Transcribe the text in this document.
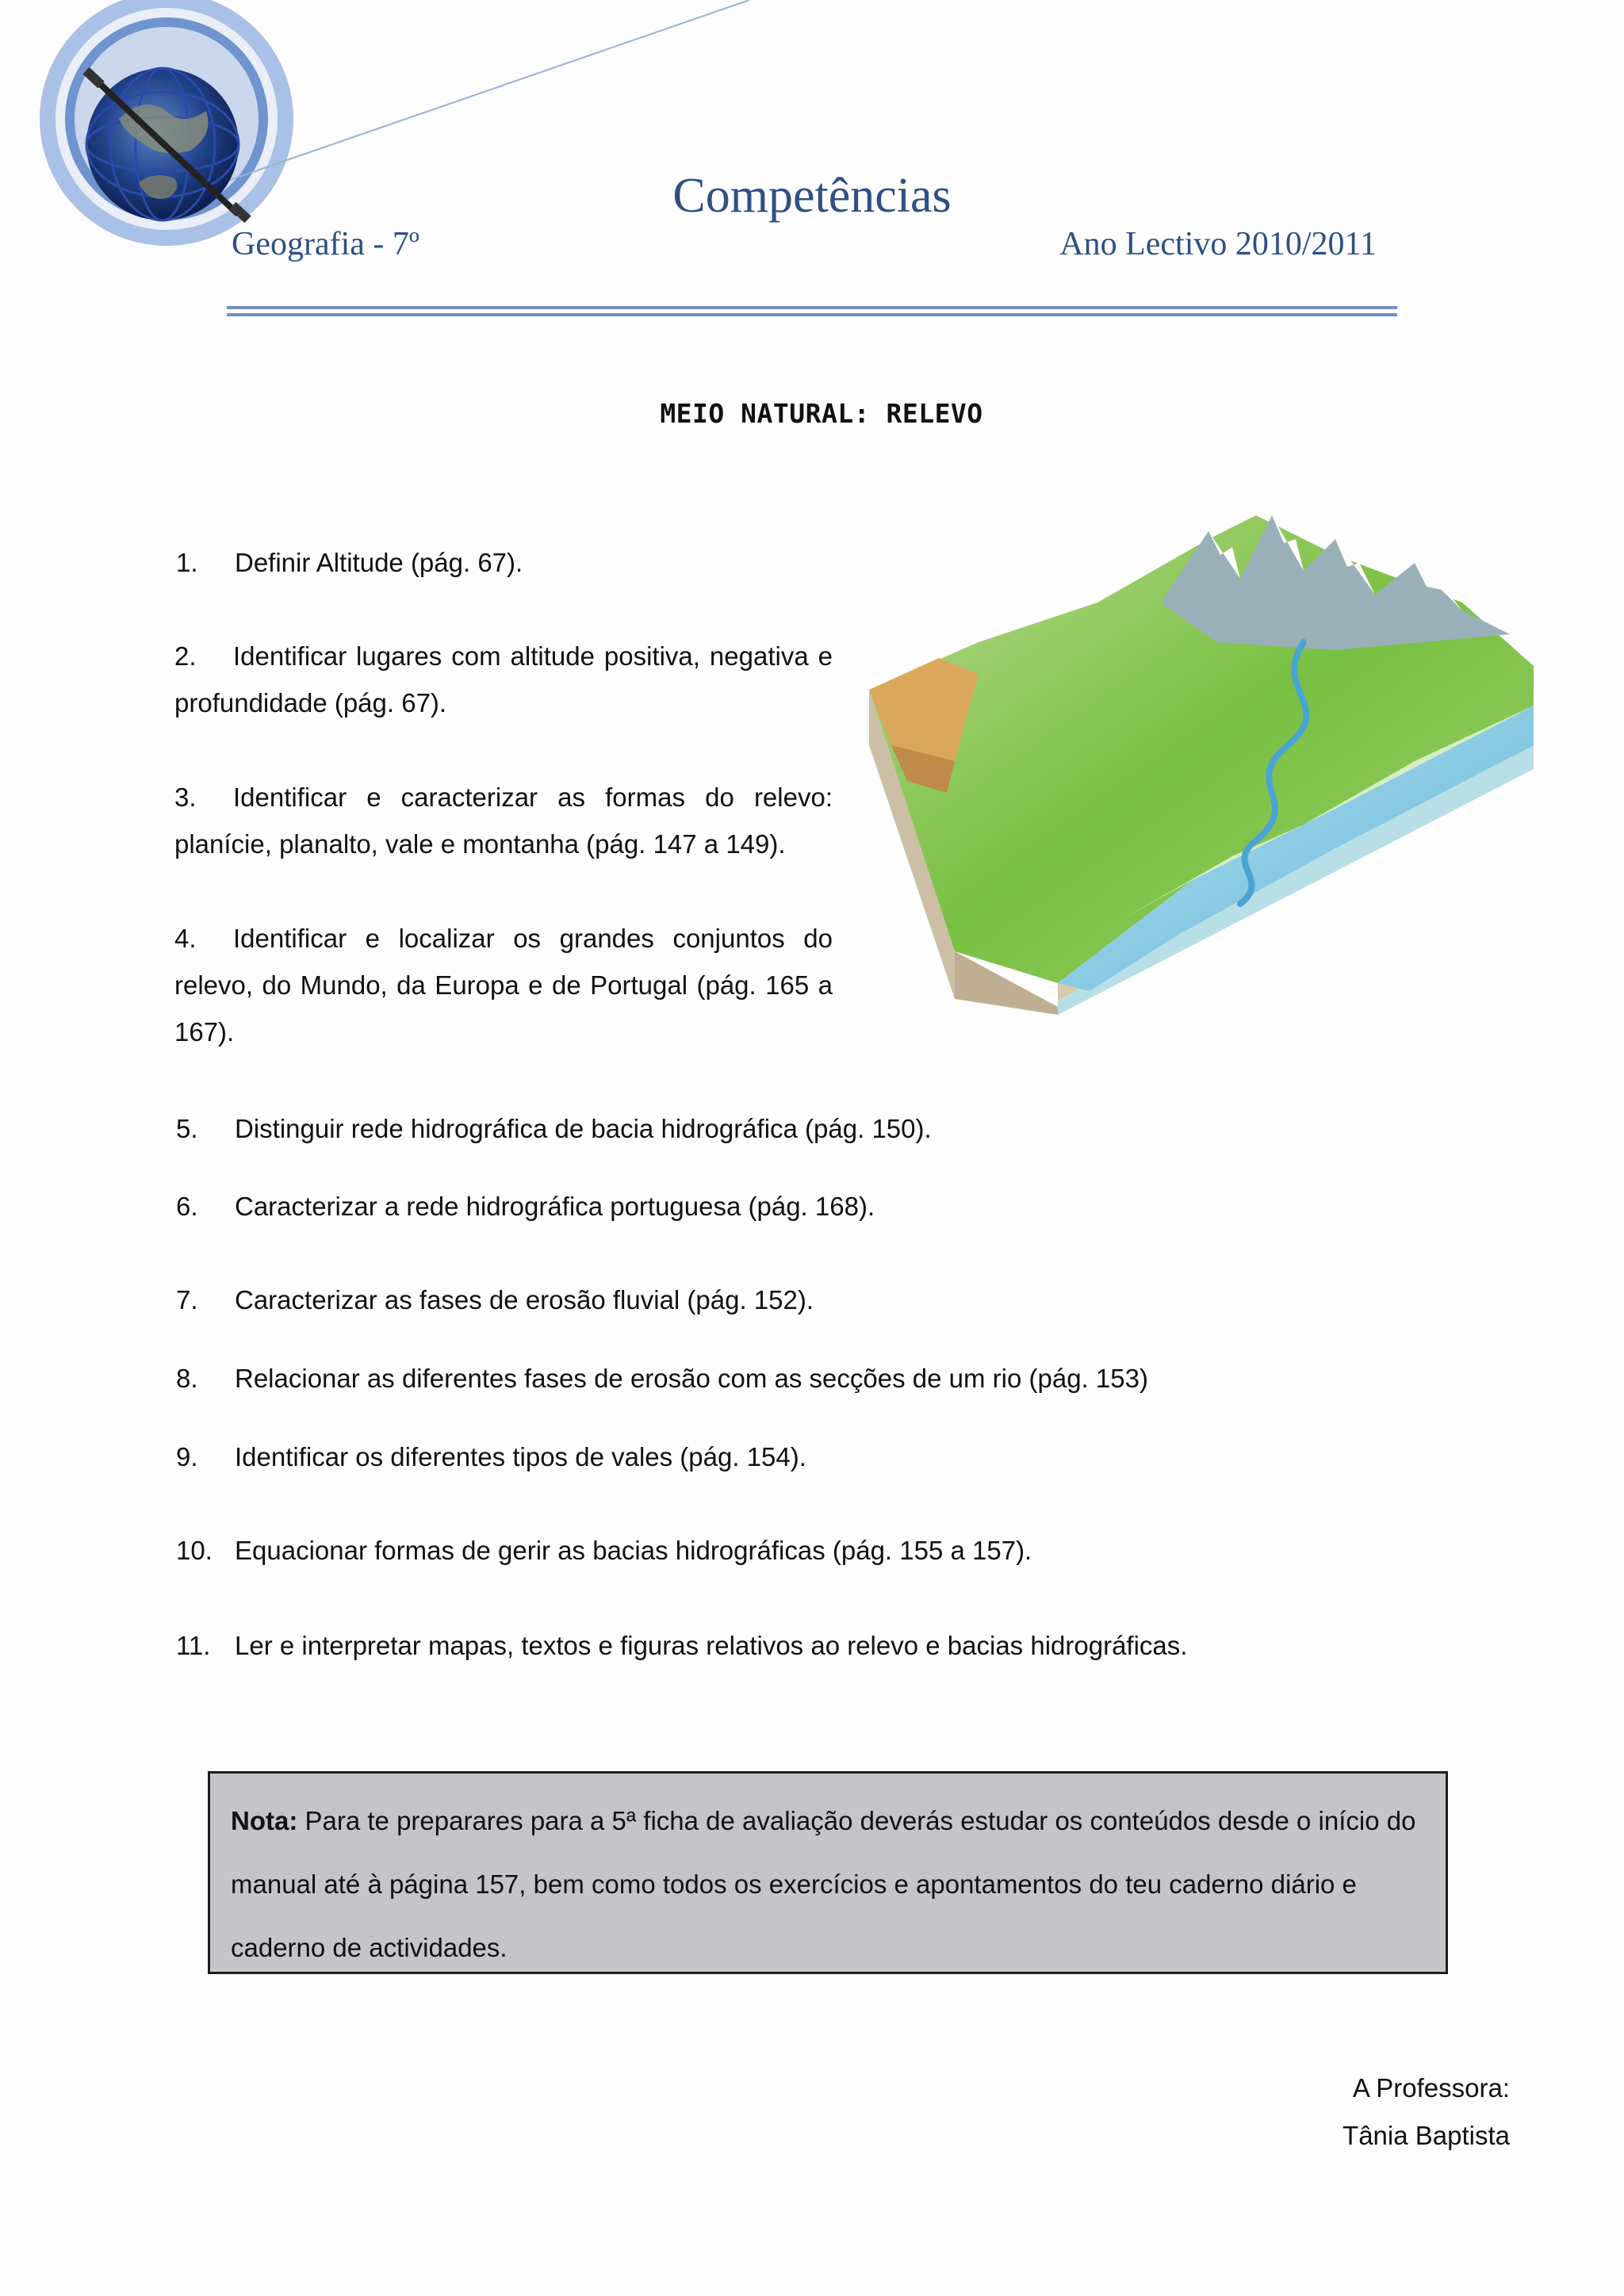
Competências
Geografia - 7º	Ano Lectivo 2010/2011
MEIO NATURAL: RELEVO
1. Definir Altitude (pág. 67).
2. Identificar lugares com altitude positiva, negativa e profundidade (pág. 67).
3. Identificar e caracterizar as formas do relevo: planície, planalto, vale e montanha (pág. 147 a 149).
4. Identificar e localizar os grandes conjuntos do relevo, do Mundo, da Europa e de Portugal (pág. 165 a 167).
5. Distinguir rede hidrográfica de bacia hidrográfica (pág. 150).
6. Caracterizar a rede hidrográfica portuguesa (pág. 168).
7. Caracterizar as fases de erosão fluvial (pág. 152).
8. Relacionar as diferentes fases de erosão com as secções de um rio (pág. 153)
9. Identificar os diferentes tipos de vales (pág. 154).
10. Equacionar formas de gerir as bacias hidrográficas (pág. 155 a 157).
11. Ler e interpretar mapas, textos e figuras relativos ao relevo e bacias hidrográficas.
Nota: Para te preparares para a 5ª ficha de avaliação deverás estudar os conteúdos desde o início do manual até à página 157, bem como todos os exercícios e apontamentos do teu caderno diário e caderno de actividades.
A Professora:
Tânia Baptista
